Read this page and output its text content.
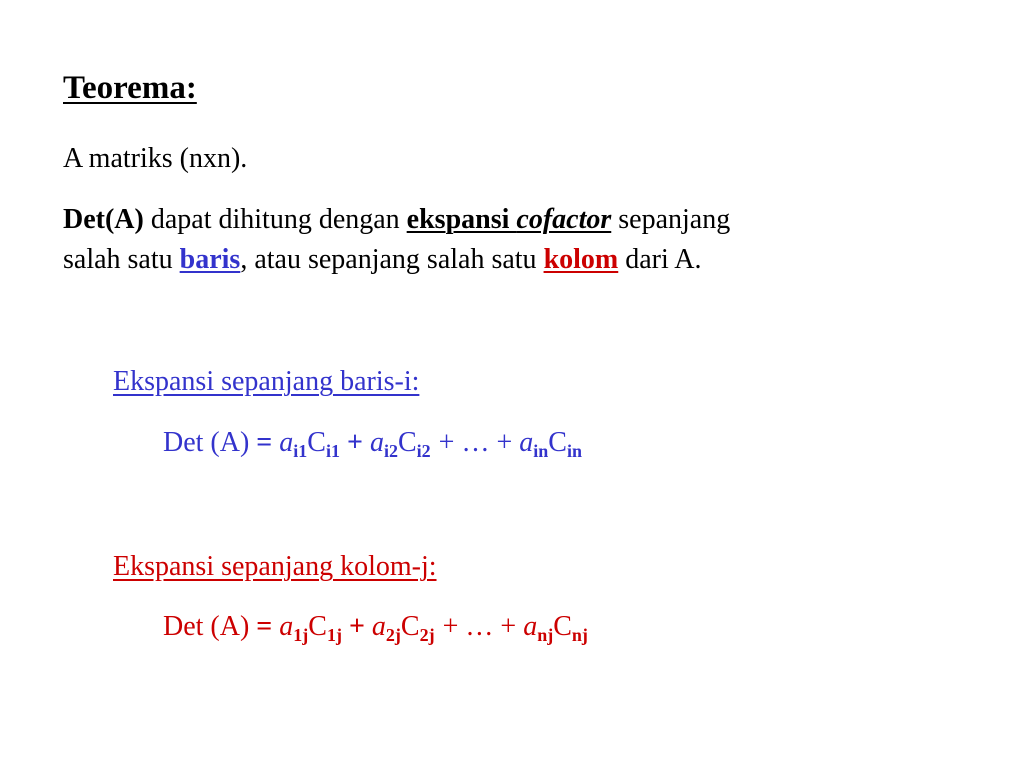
Teorema:
A matriks (nxn).
Det(A) dapat dihitung dengan ekspansi cofactor sepanjang
salah satu baris, atau sepanjang salah satu kolom dari A.
Ekspansi sepanjang baris-i:
Det $(A) = a_{i1}C_{i1} + a_{i2}C_{i2}$ + … + $a_{in}C_{in}$
Ekspansi sepanjang kolom-j:
Det $(A) = a_{1j}C_{1j} + a_{2j}C_{2j}$ + … + $a_{nj}C_{nj}$
